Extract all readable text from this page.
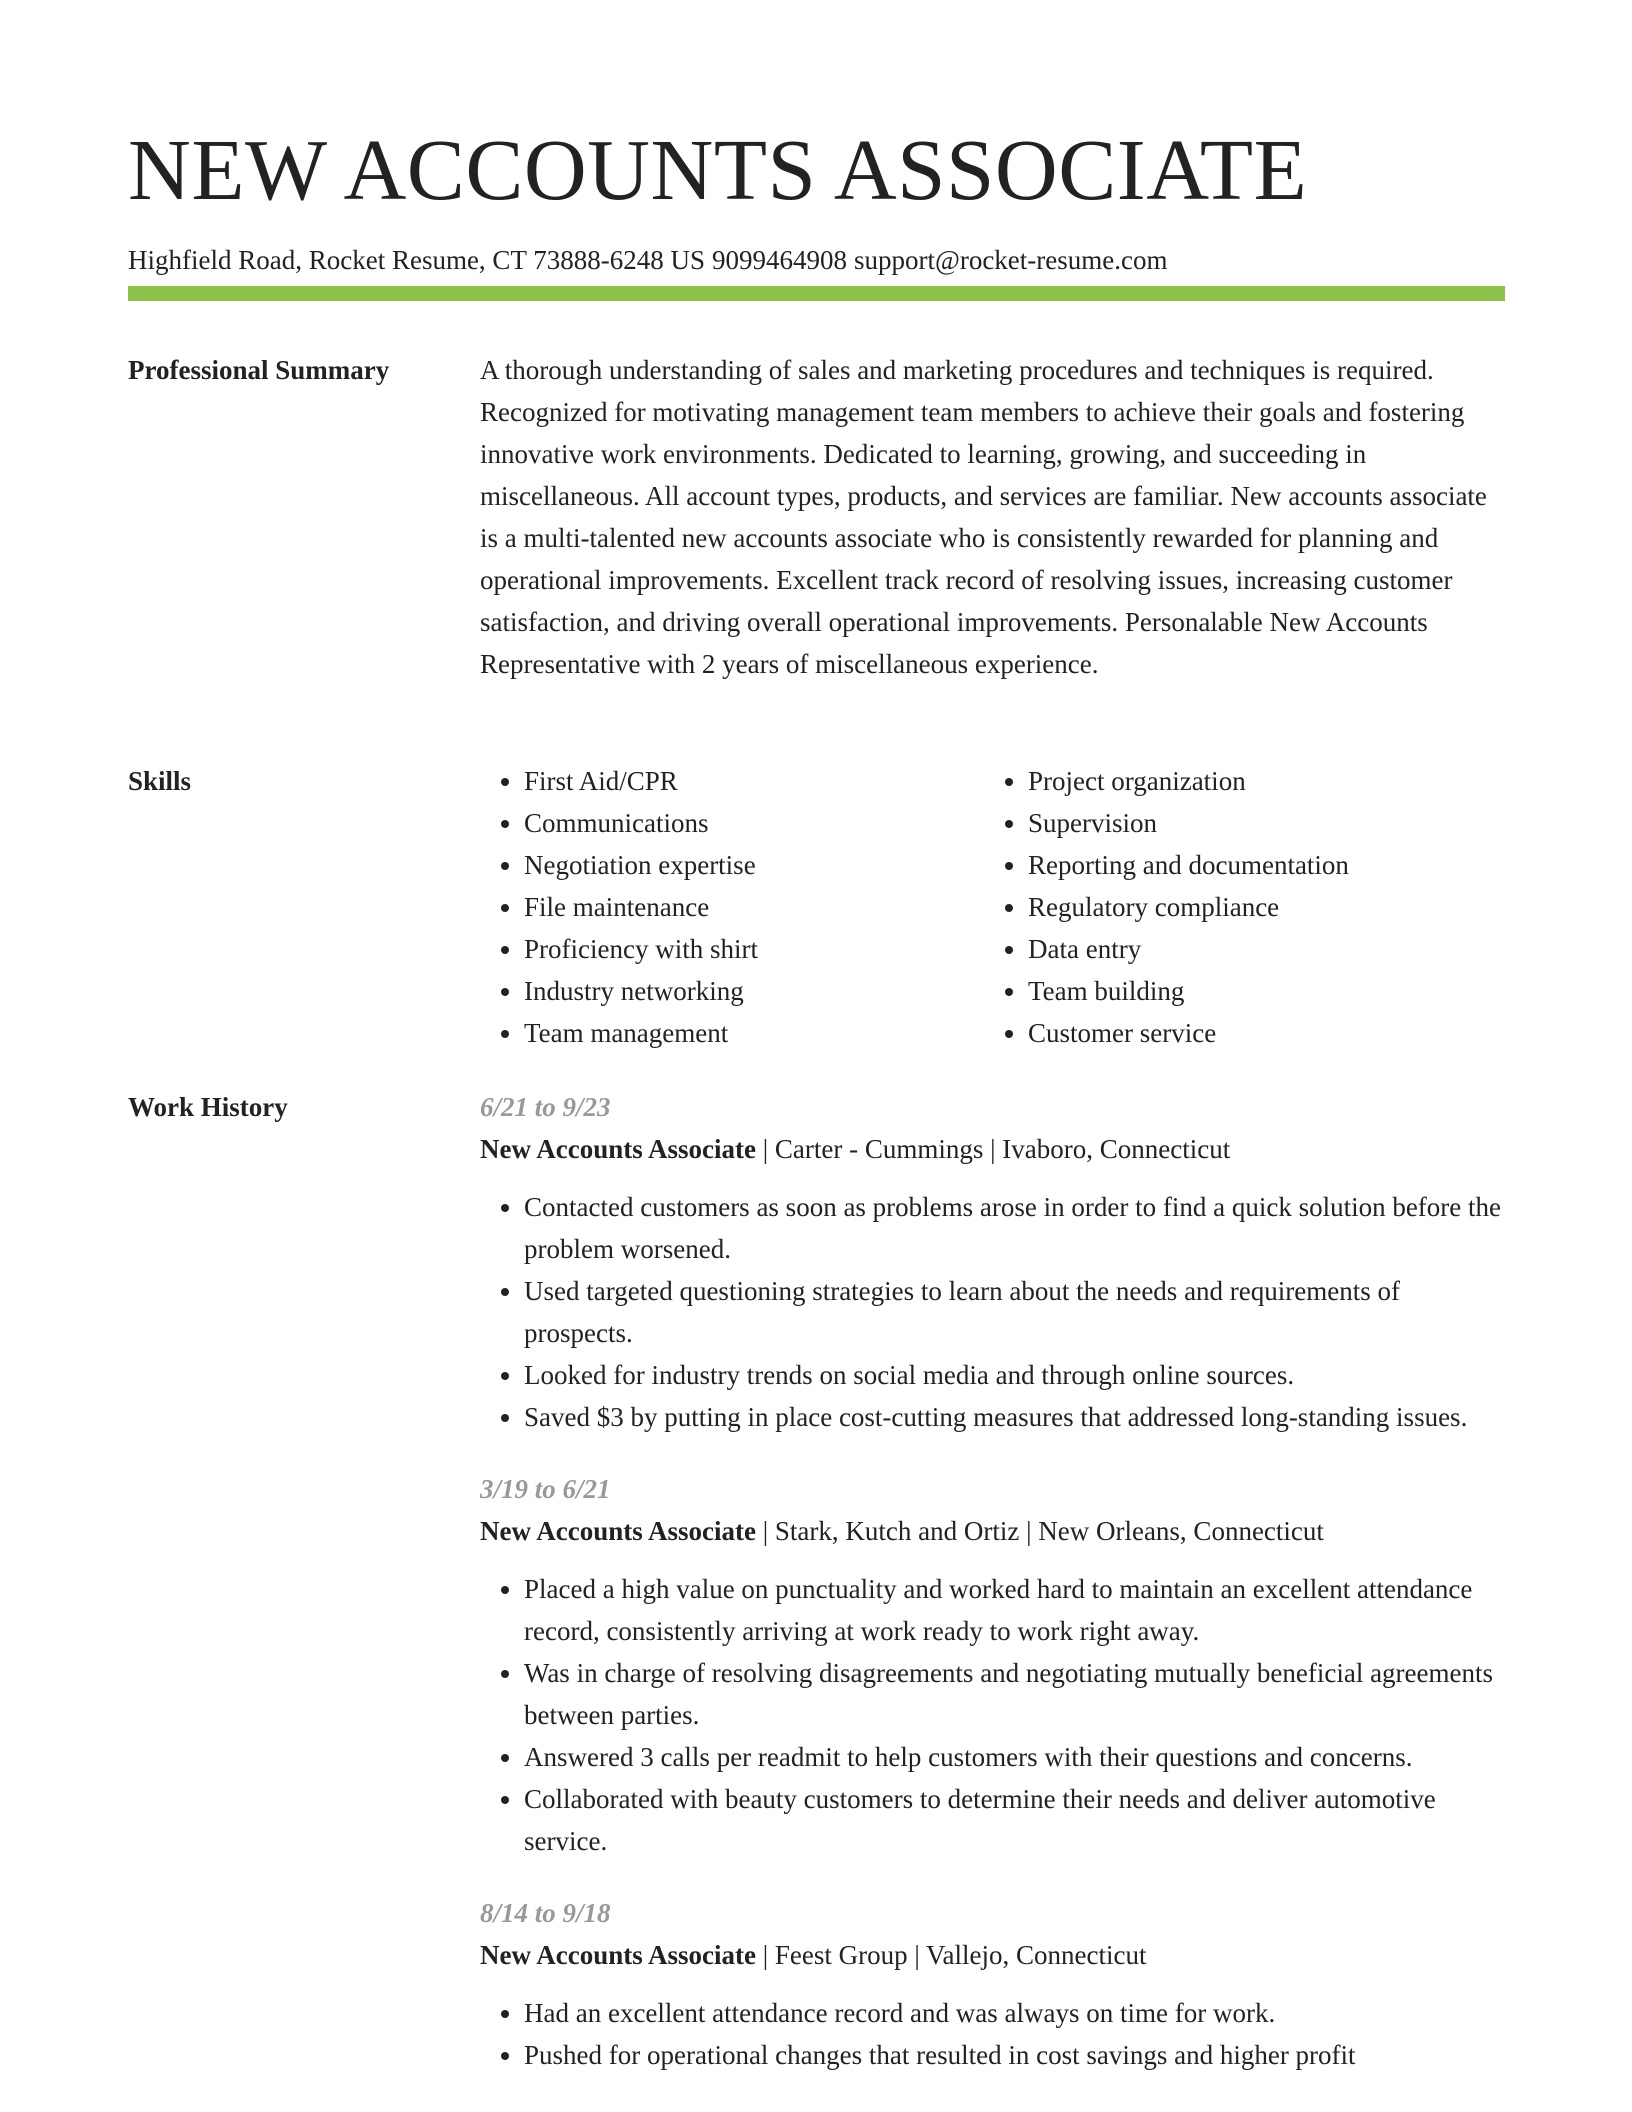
NEW ACCOUNTS ASSOCIATE
Highfield Road, Rocket Resume, CT 73888-6248 US 9099464908 support@rocket-resume.com
Professional Summary	A thorough understanding of sales and marketing procedures and techniques is required. Recognized for motivating management team members to achieve their goals and fostering innovative work environments. Dedicated to learning, growing, and succeeding in miscellaneous. All account types, products, and services are familiar. New accounts associate is a multi-talented new accounts associate who is consistently rewarded for planning and operational improvements. Excellent track record of resolving issues, increasing customer satisfaction, and driving overall operational improvements. Personalable New Accounts Representative with 2 years of miscellaneous experience.

Skills
•	First Aid/CPR
• Communications
• Negotiation expertise
• File maintenance
• Proficiency with shirt
• Industry networking
• Team management
• Project organization
• Supervision
• Reporting and documentation
• Regulatory compliance
• Data entry
• Team building
• Customer service
Work History	6/21 to 9/23
New Accounts Associate | Carter - Cummings | Ivaboro, Connecticut
• Contacted customers as soon as problems arose in order to find a quick solution before the problem worsened.
• Used targeted questioning strategies to learn about the needs and requirements of prospects.
• Looked for industry trends on social media and through online sources.
• Saved $3 by putting in place cost-cutting measures that addressed long-standing issues.
3/19 to 6/21
New Accounts Associate | Stark, Kutch and Ortiz | New Orleans, Connecticut
• Placed a high value on punctuality and worked hard to maintain an excellent attendance record, consistently arriving at work ready to work right away.
• Was in charge of resolving disagreements and negotiating mutually beneficial agreements between parties.
• Answered 3 calls per readmit to help customers with their questions and concerns.
• Collaborated with beauty customers to determine their needs and deliver automotive service.
8/14 to 9/18
New Accounts Associate | Feest Group | Vallejo, Connecticut
• Had an excellent attendance record and was always on time for work.
• Pushed for operational changes that resulted in cost savings and higher profit
